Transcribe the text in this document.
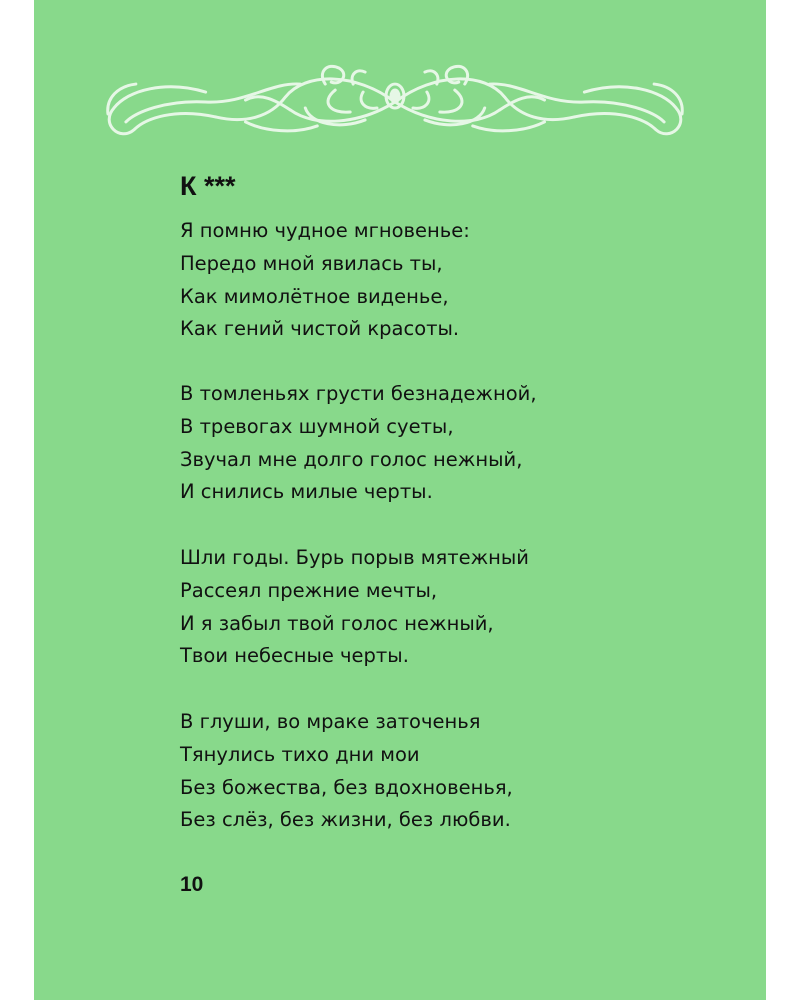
К ***
Я помню чудное мгновенье:
Передо мной явилась ты,
Как мимолётное виденье,
Как гений чистой красоты.
В томленьях грусти безнадежной,
В тревогах шумной суеты,
Звучал мне долго голос нежный,
И снились милые черты.
Шли годы. Бурь порыв мятежный
Рассеял прежние мечты,
И я забыл твой голос нежный,
Твои небесные черты.
В глуши, во мраке заточенья
Тянулись тихо дни мои
Без божества, без вдохновенья,
Без слёз, без жизни, без любви.
10
